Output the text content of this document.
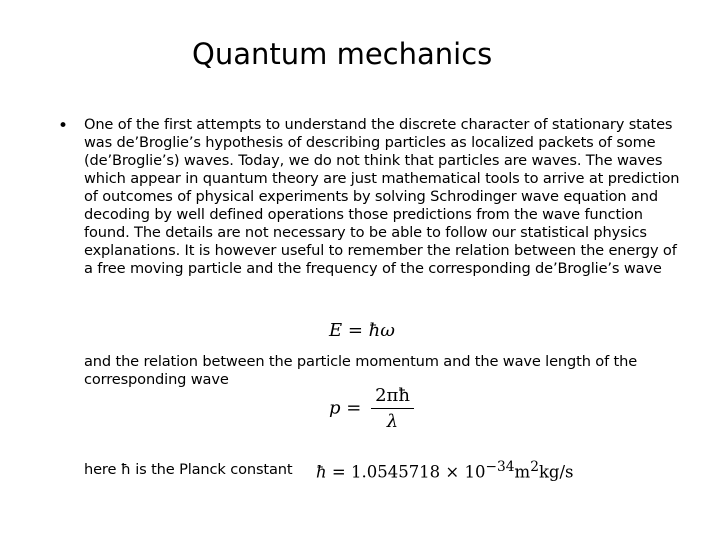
Quantum mechanics
• One of the first attempts to understand the discrete character of stationary states
was de’Broglie’s hypothesis of describing particles as localized packets of some
(de’Broglie’s) waves. Today, we do not think that particles are waves. The waves
which appear in quantum theory are just mathematical tools to arrive at prediction
of outcomes of physical experiments by solving Schrodinger wave equation and
decoding by well defined operations those predictions from the wave function
found. The details are not necessary to be able to follow our statistical physics
explanations. It is however useful to remember the relation between the energy of
a free moving particle and the frequency of the corresponding de’Broglie’s wave
E = ħω
and the relation between the particle momentum and the wave length of the
corresponding wave
$p = \frac{2\pi ħ}{\lambda}$
here ħ is the Planck constant ħ = $1.0545718 \times 10^{-34}m^2kg/s$
